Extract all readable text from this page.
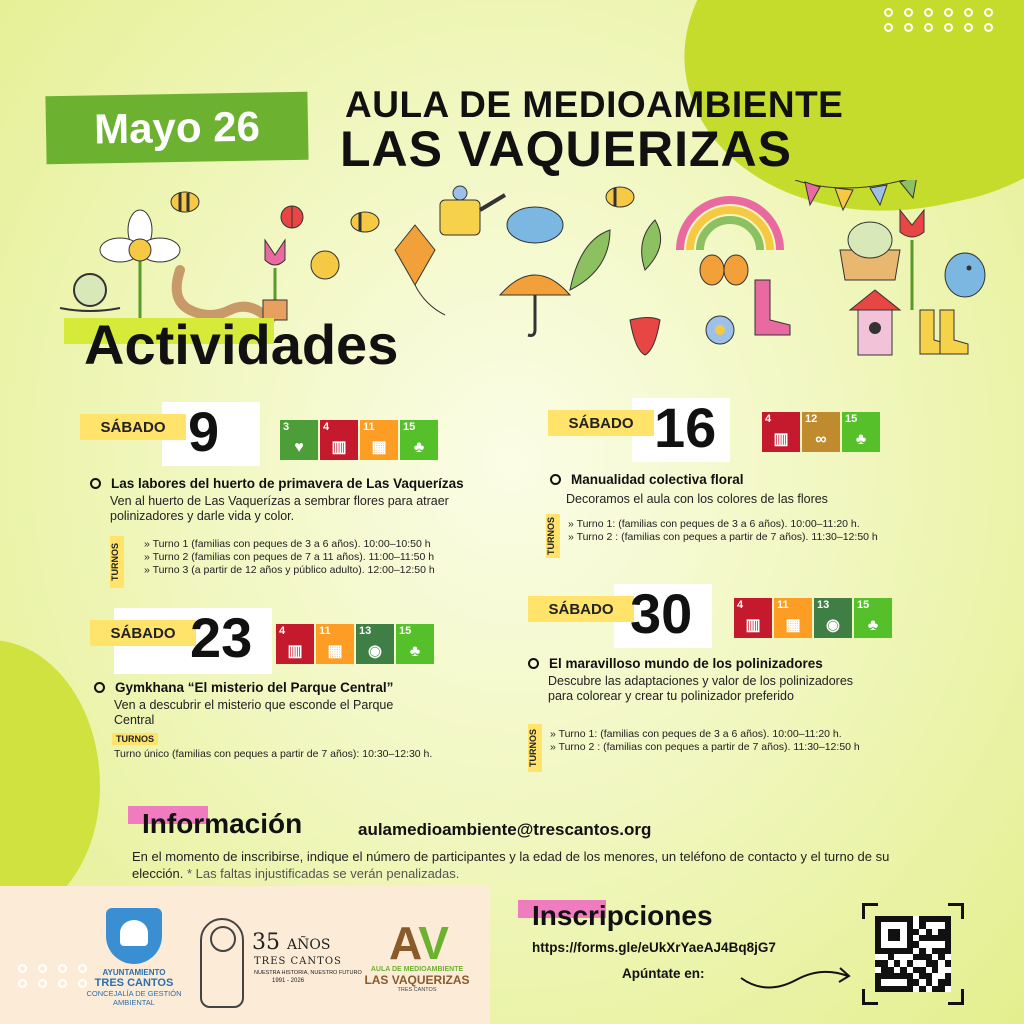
Mayo 26	AULA DE MEDIOAMBIENTE
LAS VAQUERIZAS
Actividades
SÁBADO 9	3
♥
4
▥
11
▦
15
♣
Las labores del huerto de primavera de Las Vaquerízas
Ven al huerto de Las Vaquerízas a sembrar flores para atraer polinizadores y darle vida y color.
TURNOS	» Turno 1 (familias con peques de 3 a 6 años). 10:00–10:50 h
» Turno 2 (familias con peques de 7 a 11 años). 11:00–11:50 h
» Turno 3 (a partir de 12 años y público adulto). 12:00–12:50 h
SÁBADO 16	4
▥
12
∞
15
♣
Manualidad colectiva floral
Decoramos el aula con los colores de las flores
TURNOS	» Turno 1: (familias con peques de 3 a 6 años). 10:00–11:20 h.
» Turno 2 : (familias con peques a partir de 7 años). 11:30–12:50 h
SÁBADO 23 4
▥
11
▦
13
◉
15
♣
Gymkhana “El misterio del Parque Central”
Ven a descubrir el misterio que esconde el Parque Central
TURNOS
Turno único (familias con peques a partir de 7 años): 10:30–12:30 h.
SÁBADO 30	4
▥
11
▦
13
◉
15
♣
El maravilloso mundo de los polinizadores
Descubre las adaptaciones y valor de los polinizadores para colorear y crear tu polinizador preferido
TURNOS	» Turno 1: (familias con peques de 3 a 6 años). 10:00–11:20 h.
» Turno 2 : (familias con peques a partir de 7 años). 11:30–12:50 h
Información	aulamedioambiente@trescantos.org
En el momento de inscribirse, indique el número de participantes y la edad de los menores, un teléfono de contacto y el turno de su elección. * Las faltas injustificadas se verán penalizadas.
Inscripciones
https://forms.gle/eUkXrYaeAJ4Bq8jG7
Apúntate en:
AYUNTAMIENTO
TRES CANTOS
CONCEJALÍA DE GESTIÓN AMBIENTAL
35 AÑOS
TRES CANTOS
NUESTRA HISTORIA, NUESTRO FUTURO
1991 - 2026
AV
AULA DE MEDIOAMBIENTE
LAS VAQUERIZAS
TRES CANTOS
